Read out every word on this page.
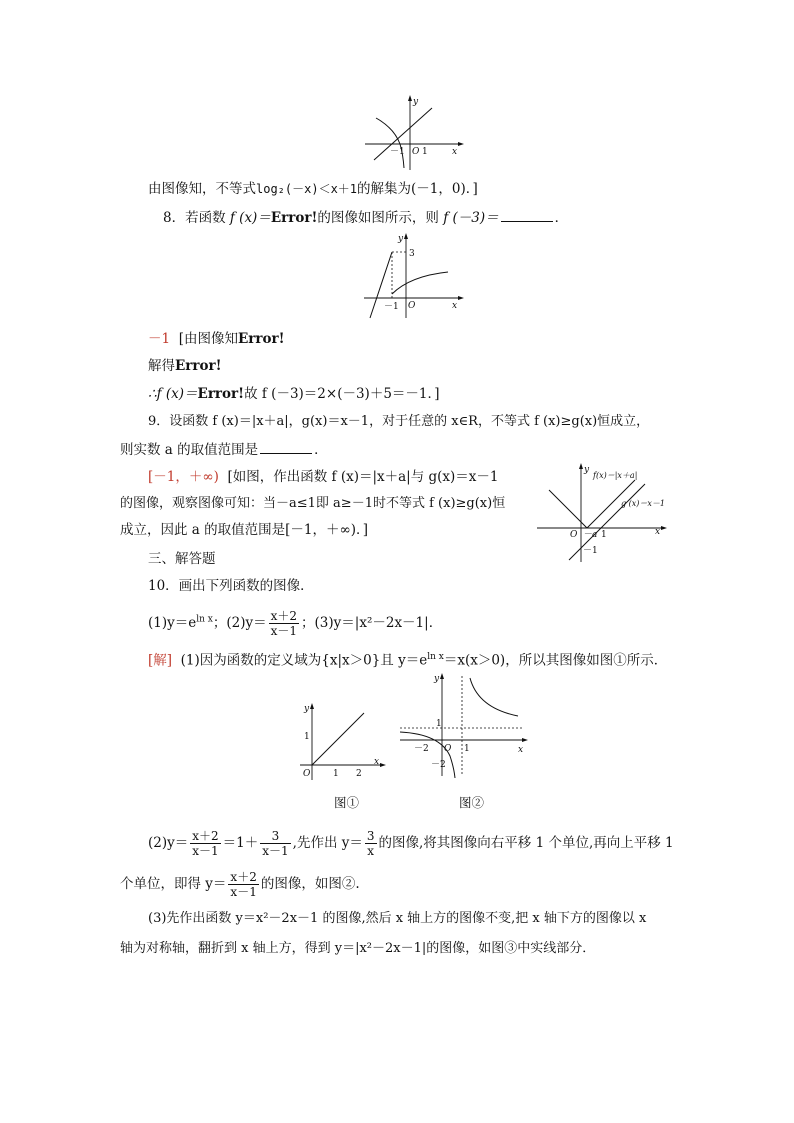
y
x
O
－1 1
由图像知，不等式log₂(－x)＜x＋1的解集为(－1，0)．]
8．若函数 f (x)＝Error!的图像如图所示，则 f (－3)＝	．
y
x
O
－1
3
－1 [由图像知Error!
解得Error!
∴f (x)＝Error!故 f (－3)＝2×(－3)＋5＝－1．]
9．设函数 f (x)＝|x＋a|，g(x)＝x－1，对于任意的 x∈R，不等式 f (x)≥g(x)恒成立，
则实数 a 的取值范围是	．
[－1，＋∞) [如图，作出函数 f (x)＝|x＋a|与 g(x)＝x－1
的图像，观察图像可知：当－a≤1即 a≥－1时不等式 f (x)≥g(x)恒
成立，因此 a 的取值范围是[－1，＋∞)．]
y
x
O －a 1
－1
f(x)＝|x＋a|
g (x)＝x－1
三、解答题
10．画出下列函数的图像．
$(1)y=e^{ln x}$；$(2)y= \frac{x+2}{x-1}$ ；(3)y＝|x²－2x－1|．
[解] (1)因为函数的定义域为{x|x＞0}且 $y=e^{ln x}=x(x>0)$，所以其图像如图①所示．
y
x
O
1
1 2
图①
y
x
O
－2	1
1
－2
图②
$(2)y= \frac{x+2}{x-1} =1+ \frac{3}{x-1}$ ,先作出 $y= \frac{3}{x}$ 的图像,将其图像向右平移 1 个单位,再向上平移 1
个单位，即得 $y= \frac{x+2}{x-1}$ 的图像，如图②.
(3)先作出函数 y＝x²－2x－1 的图像,然后 x 轴上方的图像不变,把 x 轴下方的图像以 x
轴为对称轴，翻折到 x 轴上方，得到 y＝|x²－2x－1|的图像，如图③中实线部分．
